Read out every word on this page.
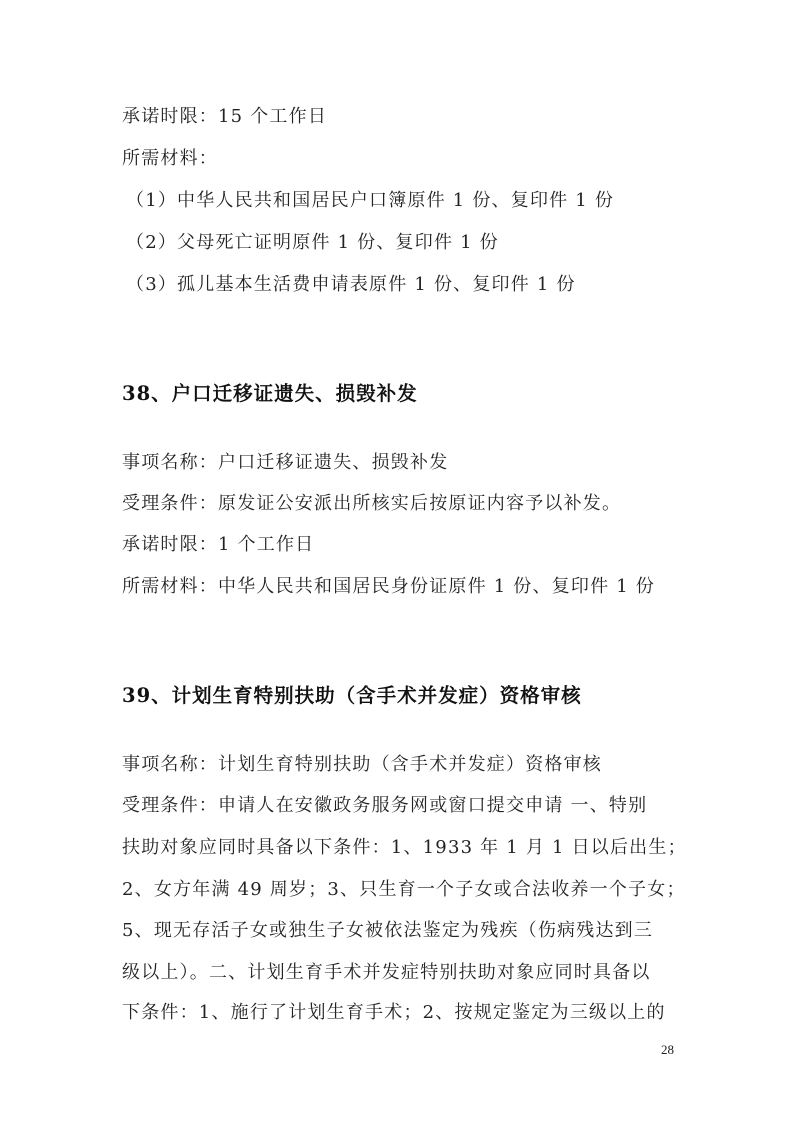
承诺时限：15 个工作日
所需材料：
（1）中华人民共和国居民户口簿原件 1 份、复印件 1 份
（2）父母死亡证明原件 1 份、复印件 1 份
（3）孤儿基本生活费申请表原件 1 份、复印件 1 份
38、户口迁移证遗失、损毁补发
事项名称：户口迁移证遗失、损毁补发
受理条件：原发证公安派出所核实后按原证内容予以补发。
承诺时限：1 个工作日
所需材料：中华人民共和国居民身份证原件 1 份、复印件 1 份
39、计划生育特别扶助（含手术并发症）资格审核
事项名称：计划生育特别扶助（含手术并发症）资格审核
受理条件：申请人在安徽政务服务网或窗口提交申请 一、特别
扶助对象应同时具备以下条件：1、1933 年 1 月 1 日以后出生；
2、女方年满 49 周岁；3、只生育一个子女或合法收养一个子女；
5、现无存活子女或独生子女被依法鉴定为残疾（伤病残达到三
级以上）。二、计划生育手术并发症特别扶助对象应同时具备以
下条件：1、施行了计划生育手术；2、按规定鉴定为三级以上的
28
